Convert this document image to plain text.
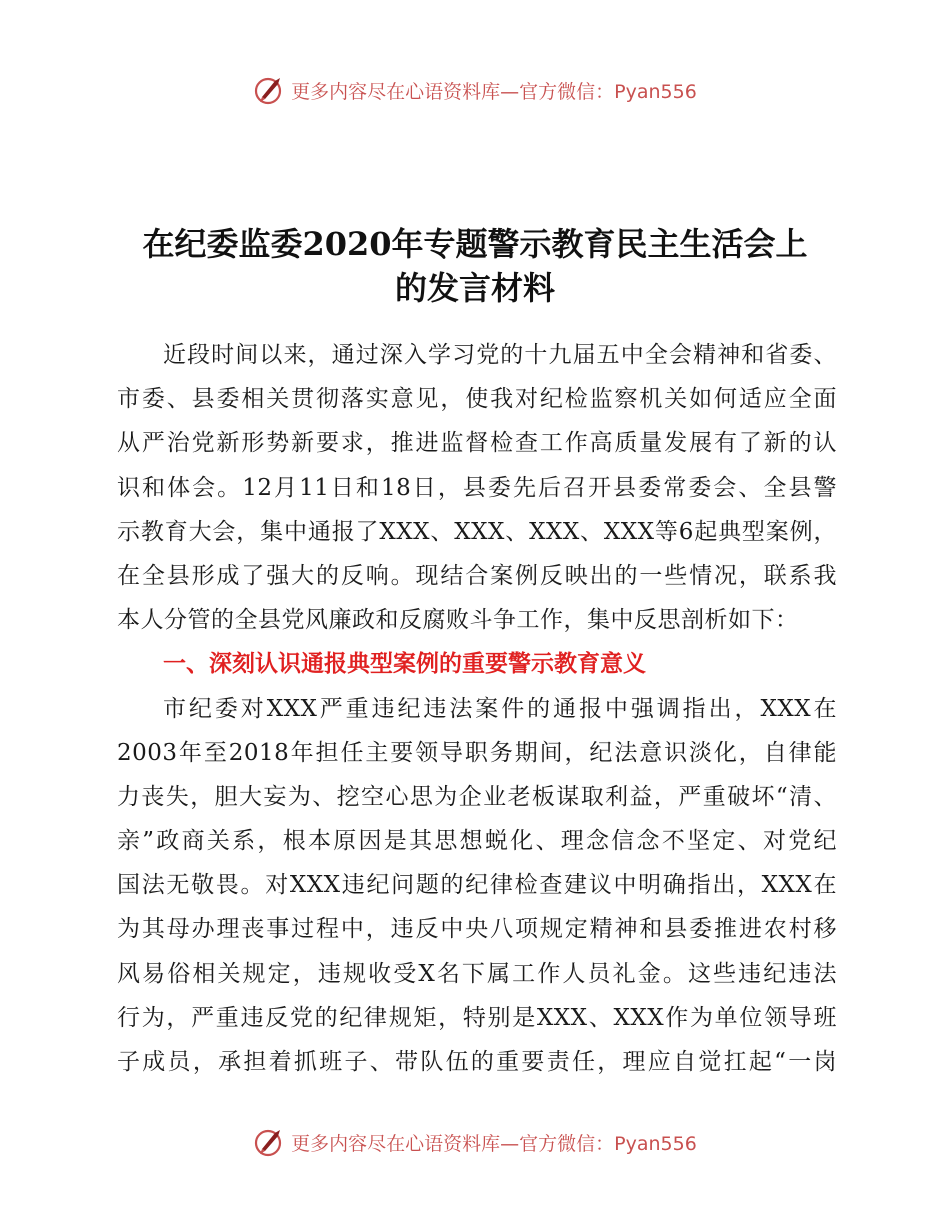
更多内容尽在心语资料库—官方微信：Pyan556
在纪委监委2020年专题警示教育民主生活会上
的发言材料
近段时间以来，通过深入学习党的十九届五中全会精神和省委、
市委、县委相关贯彻落实意见，使我对纪检监察机关如何适应全面
从严治党新形势新要求，推进监督检查工作高质量发展有了新的认
识和体会。12月11日和18日，县委先后召开县委常委会、全县警
示教育大会，集中通报了XXX、XXX、XXX、XXX等6起典型案例，
在全县形成了强大的反响。现结合案例反映出的一些情况，联系我
本人分管的全县党风廉政和反腐败斗争工作，集中反思剖析如下：
一、深刻认识通报典型案例的重要警示教育意义
市纪委对XXX严重违纪违法案件的通报中强调指出，XXX在
2003年至2018年担任主要领导职务期间，纪法意识淡化，自律能
力丧失，胆大妄为、挖空心思为企业老板谋取利益，严重破坏“清、
亲”政商关系，根本原因是其思想蜕化、理念信念不坚定、对党纪
国法无敬畏。对XXX违纪问题的纪律检查建议中明确指出，XXX在
为其母办理丧事过程中，违反中央八项规定精神和县委推进农村移
风易俗相关规定，违规收受X名下属工作人员礼金。这些违纪违法
行为，严重违反党的纪律规矩，特别是XXX、XXX作为单位领导班
子成员，承担着抓班子、带队伍的重要责任，理应自觉扛起“一岗
更多内容尽在心语资料库—官方微信：Pyan556
